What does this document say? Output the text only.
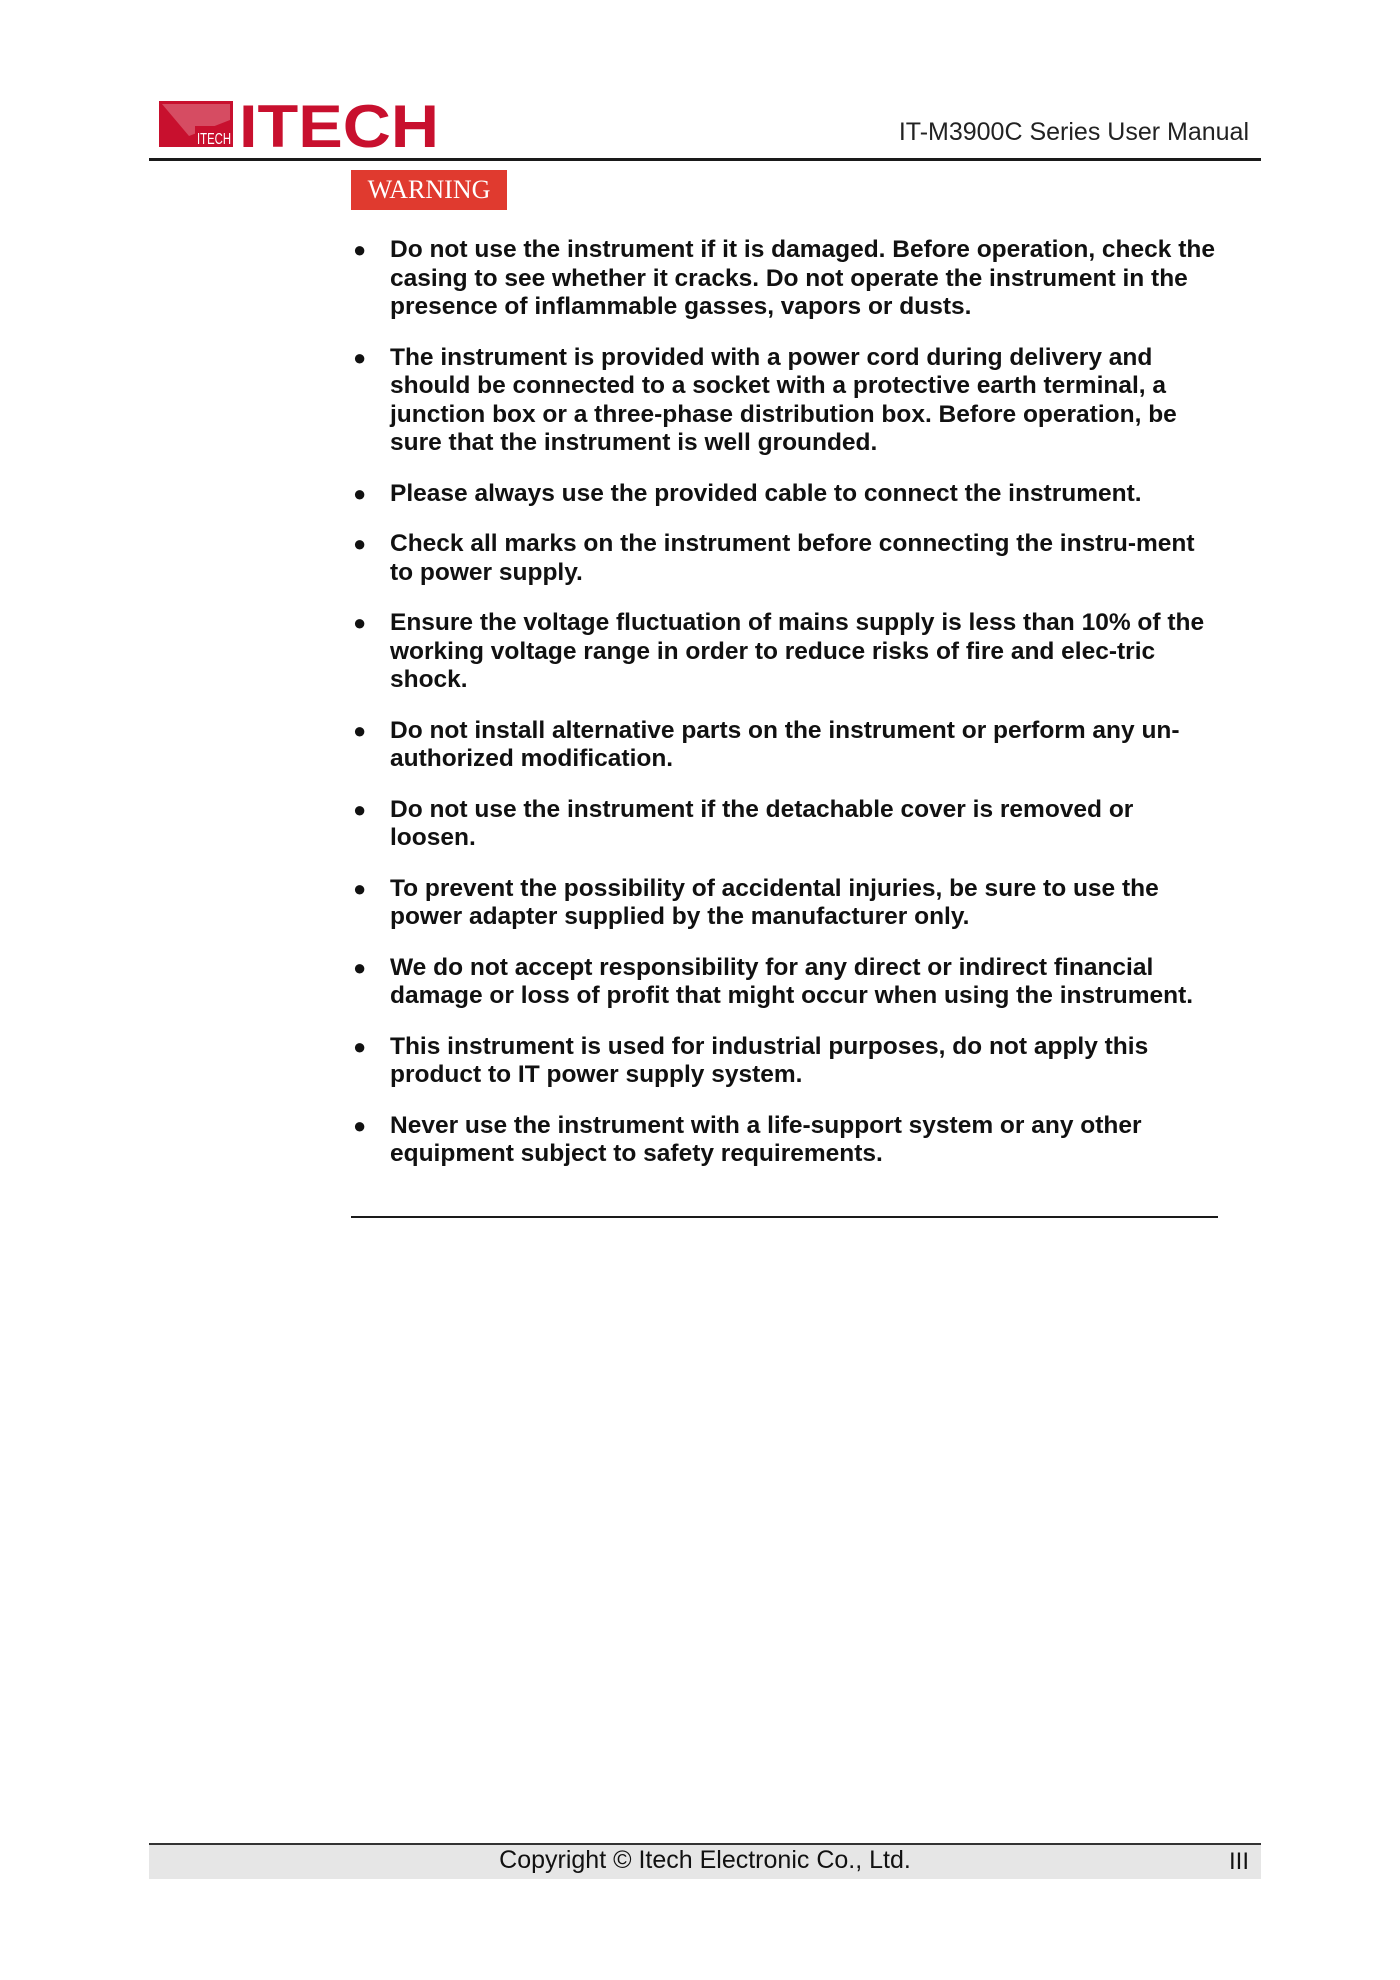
ITECH ITECH	IT-M3900C Series User Manual
WARNING
● Do not use the instrument if it is damaged. Before operation, check the casing to see whether it cracks. Do not operate the instrument in the presence of inflammable gasses, vapors or dusts.
● The instrument is provided with a power cord during delivery and should be connected to a socket with a protective earth terminal, a junction box or a three-phase distribution box. Before operation, be sure that the instrument is well grounded.
● Please always use the provided cable to connect the instrument.
● Check all marks on the instrument before connecting the instru-ment to power supply.
● Ensure the voltage fluctuation of mains supply is less than 10% of the working voltage range in order to reduce risks of fire and elec-tric shock.
● Do not install alternative parts on the instrument or perform any un-authorized modification.
● Do not use the instrument if the detachable cover is removed or loosen.
● To prevent the possibility of accidental injuries, be sure to use the power adapter supplied by the manufacturer only.
● We do not accept responsibility for any direct or indirect financial damage or loss of profit that might occur when using the instrument.
● This instrument is used for industrial purposes, do not apply this product to IT power supply system.
● Never use the instrument with a life-support system or any other equipment subject to safety requirements.
Copyright © Itech Electronic Co., Ltd.	III
